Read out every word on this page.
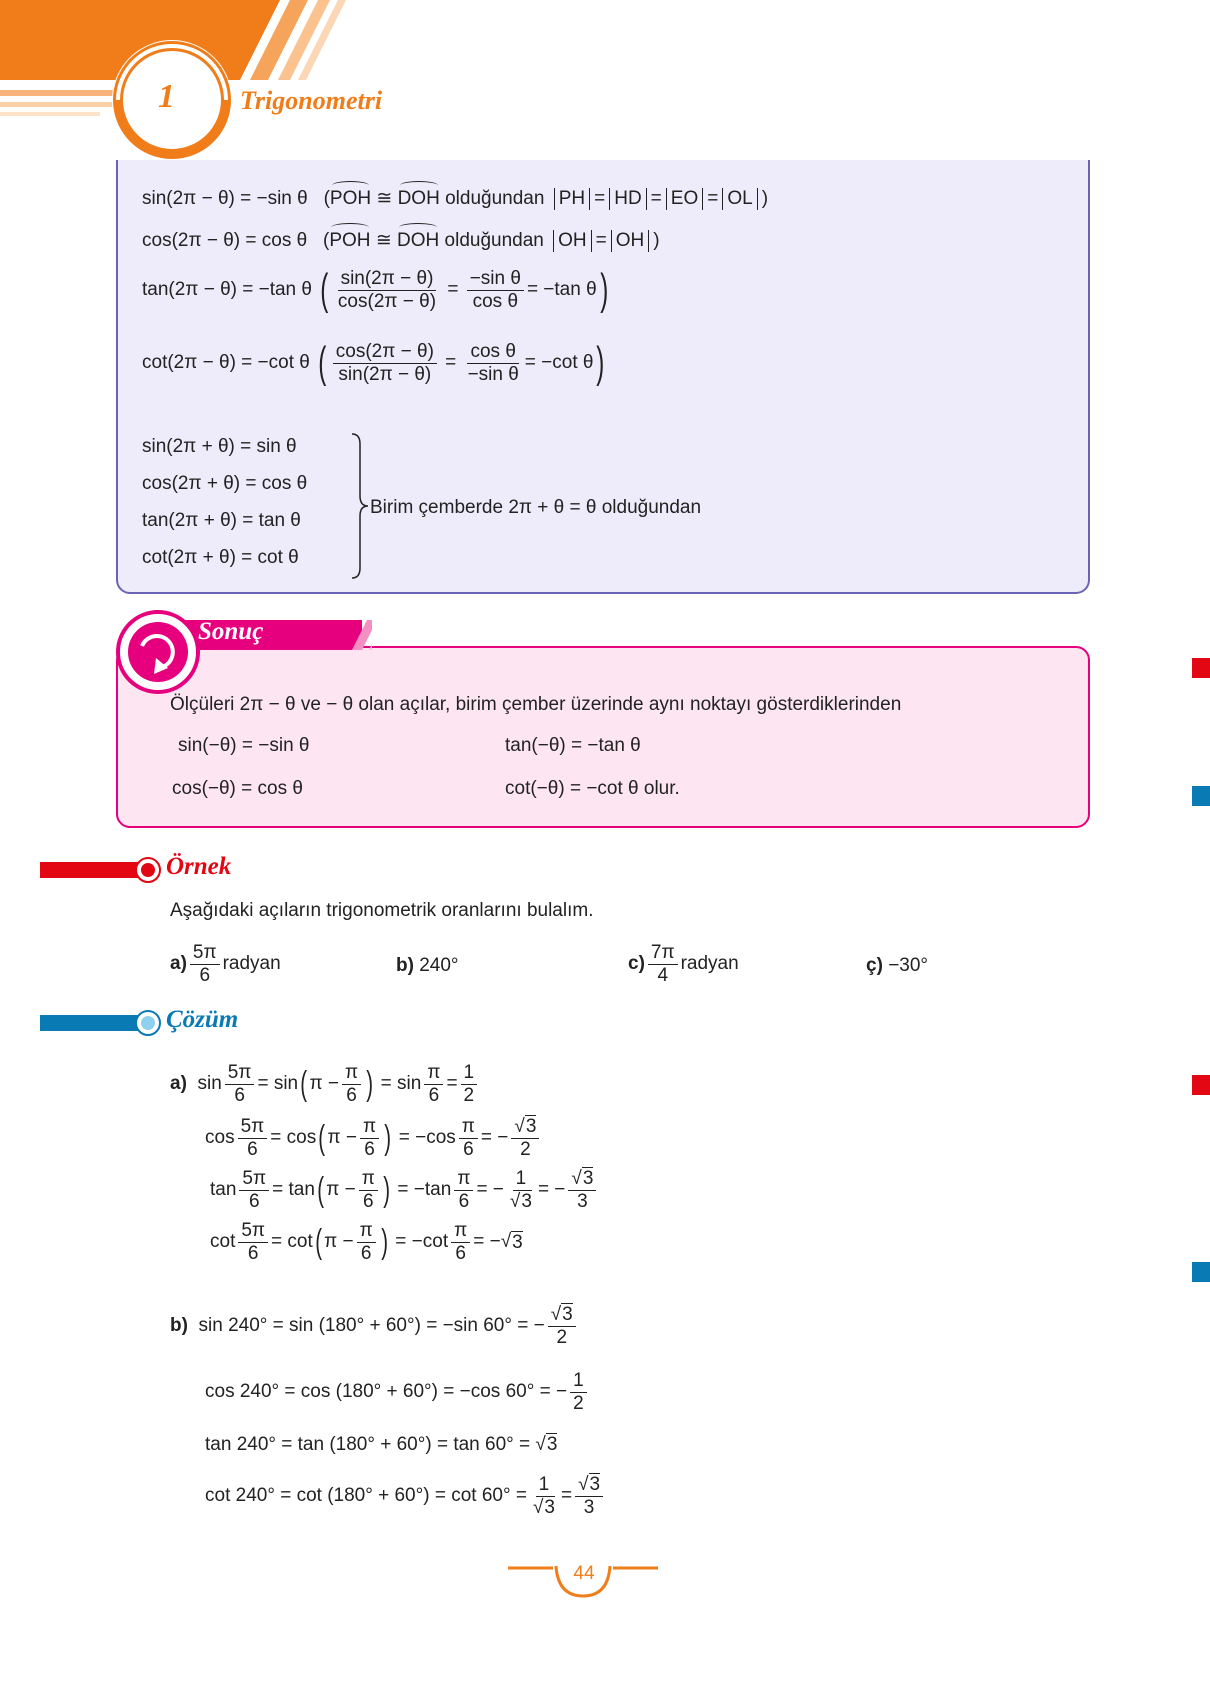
1	Trigonometri
sin(2π − θ) = −sin θ (POH ≅ DOH olduğundan PH = HD = EO = OL )
cos(2π − θ) = cos θ (POH ≅ DOH olduğundan OH = OH )
tan(2π − θ) = −tan θ
( $\frac{\sin(2\pi - \theta)}{\cos(2\pi - \theta)} = \frac{\text{−sin θ}}{\text{cos θ}} = -\tan$ θ )
cot(2π − θ) = −cot θ
( $\frac{\cos(2\pi - \theta)}{\sin(2\pi - \theta)} = \frac{\text{cos θ}}{\text{−sin θ}} = -\cot$ θ )
sin(2π + θ) = sin θ
cos(2π + θ) = cos θ
tan(2π + θ) = tan θ
cot(2π + θ) = cot θ
Birim çemberde 2π + θ = θ olduğundan
Sonuç
Ölçüleri 2π − θ ve − θ olan açılar, birim çember üzerinde aynı noktayı gösterdiklerinden
sin(−θ) = −sin θ	tan(−θ) = −tan θ
cos(−θ) = cos θ	cot(−θ) = −cot θ olur.
Örnek
Aşağıdaki açıların trigonometrik oranlarını bulalım.
$a) \frac{5\pi}{6}$ radyan	b) 240°	$c) \frac{7\pi}{4}$ radyan	ç) −30°
Çözüm
a)
$\sin \frac{5\pi}{6} = \sin$ ( $\pi - \frac{\pi}{6}$ ) = $\sin \frac{\pi}{6} = \frac{1}{2}$
$\cos \frac{5\pi}{6} = \cos$ ( $\pi - \frac{\pi}{6}$ ) = − $\cos \frac{\pi}{6}$ = − $\frac{√3}{2}$
$\tan \frac{5\pi}{6} = \tan$ ( $\pi - \frac{\pi}{6}$ ) = − $\tan \frac{\pi}{6}$ = − $\frac{1}{√3}$ = − $\frac{√3}{3}$
$\cot \frac{5\pi}{6} = \cot$ ( $\pi - \frac{\pi}{6}$ ) = − $\cot \frac{\pi}{6}$ = −√ 3
b)
sin 240° = sin (180° + 60°) = −sin 60° = − $\frac{√3}{2}$
cos 240° = cos (180° + 60°) = −cos 60° = − $\frac{1}{2}$
tan 240° = tan (180° + 60°) = tan 60° = √ 3
$\cot 240^\circ = \cot (180^\circ + 60^\circ) = \cot 60^\circ = \frac{1}{√3} = \frac{√3}{3}$
44
